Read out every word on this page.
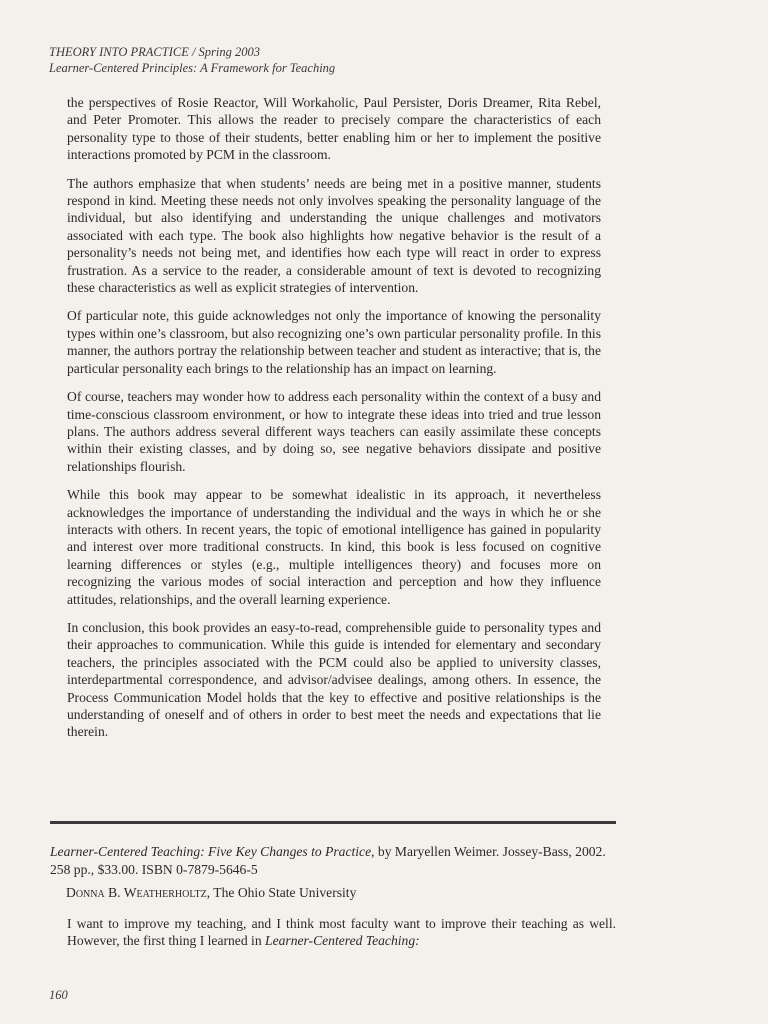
THEORY INTO PRACTICE / Spring 2003
Learner-Centered Principles: A Framework for Teaching

the perspectives of Rosie Reactor, Will Workaholic, Paul Persister, Doris Dreamer, Rita Rebel, and Peter Promoter. This allows the reader to precisely compare the characteristics of each personality type to those of their students, better enabling him or her to implement the positive interactions promoted by PCM in the classroom.

The authors emphasize that when students’ needs are being met in a positive manner, students respond in kind. Meeting these needs not only involves speaking the personality language of the individual, but also identifying and understanding the unique challenges and motivators associated with each type. The book also highlights how negative behavior is the result of a personality’s needs not being met, and identifies how each type will react in order to express frustration. As a service to the reader, a considerable amount of text is devoted to recognizing these characteristics as well as explicit strategies of intervention.

Of particular note, this guide acknowledges not only the importance of knowing the personality types within one’s classroom, but also recognizing one’s own particular personality profile. In this manner, the authors portray the relationship between teacher and student as interactive; that is, the particular personality each brings to the relationship has an impact on learning.

Of course, teachers may wonder how to address each personality within the context of a busy and time-conscious classroom environment, or how to integrate these ideas into tried and true lesson plans. The authors address several different ways teachers can easily assimilate these concepts within their existing classes, and by doing so, see negative behaviors dissipate and positive relationships flourish.

While this book may appear to be somewhat idealistic in its approach, it nevertheless acknowledges the importance of understanding the individual and the ways in which he or she interacts with others. In recent years, the topic of emotional intelligence has gained in popularity and interest over more traditional constructs. In kind, this book is less focused on cognitive learning differences or styles (e.g., multiple intelligences theory) and focuses more on recognizing the various modes of social interaction and perception and how they influence attitudes, relationships, and the overall learning experience.

In conclusion, this book provides an easy-to-read, comprehensible guide to personality types and their approaches to communication. While this guide is intended for elementary and secondary teachers, the principles associated with the PCM could also be applied to university classes, interdepartmental correspondence, and advisor/advisee dealings, among others. In essence, the Process Communication Model holds that the key to effective and positive relationships is the understanding of oneself and of others in order to best meet the needs and expectations that lie therein.

Learner-Centered Teaching: Five Key Changes to Practice, by Maryellen Weimer. Jossey-Bass, 2002. 258 pp., $33.00. ISBN 0-7879-5646-5

Donna B. Weatherholtz, The Ohio State University

I want to improve my teaching, and I think most faculty want to improve their teaching as well. However, the first thing I learned in Learner-Centered Teaching:
160
